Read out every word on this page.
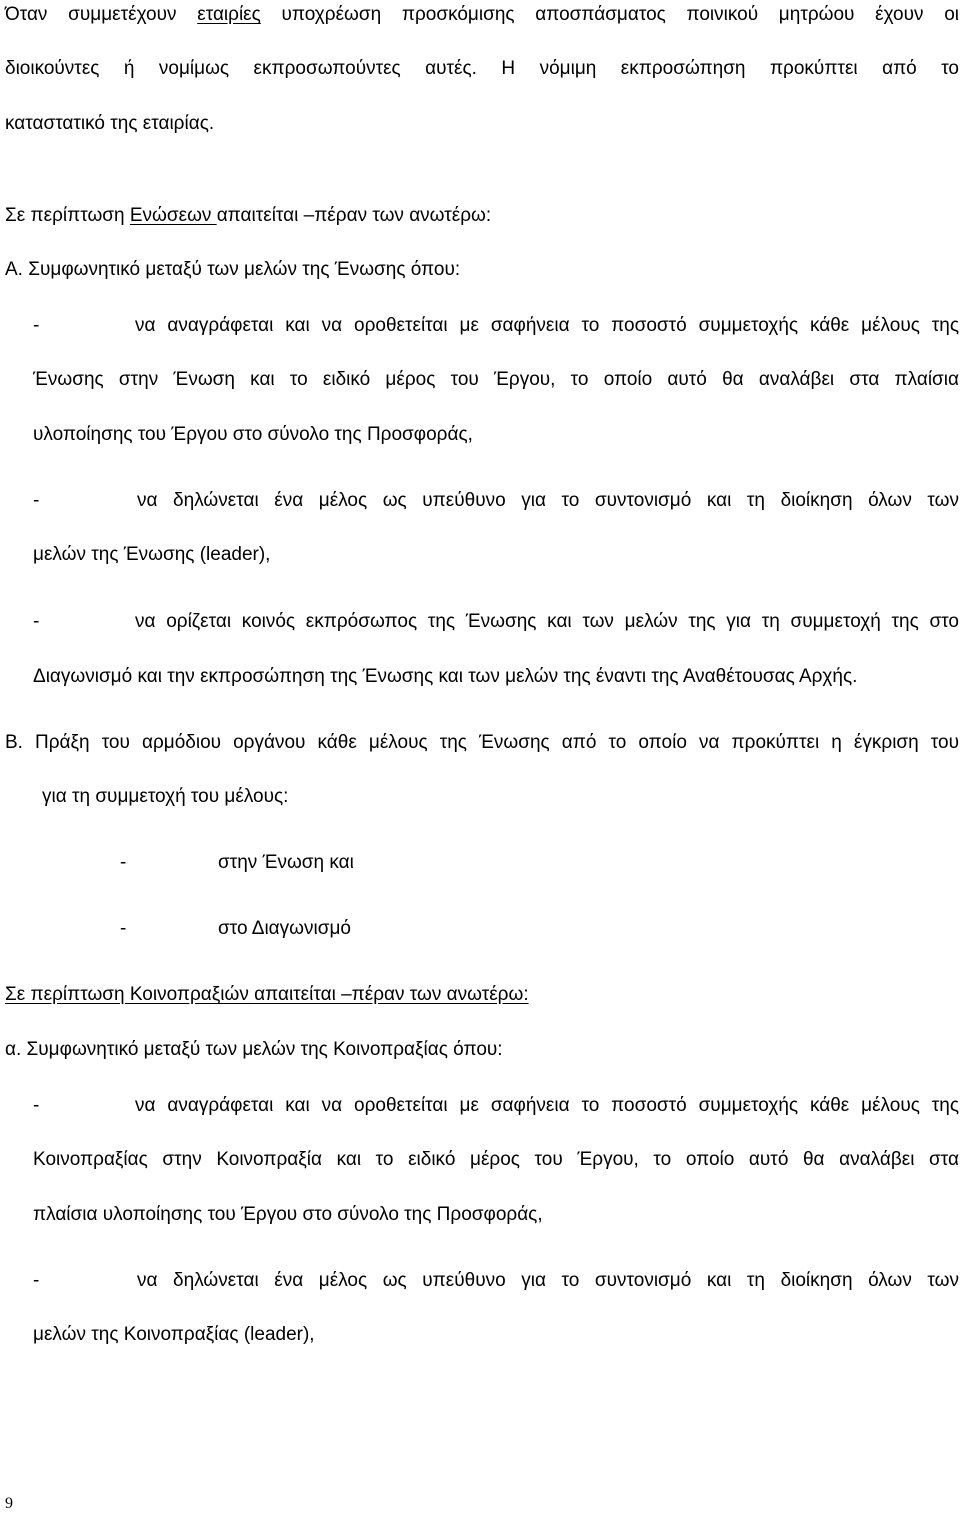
Όταν συμμετέχουν εταιρίες υποχρέωση προσκόμισης αποσπάσματος ποινικού μητρώου έχουν οι
διοικούντες ή νομίμως εκπροσωπούντες αυτές. Η νόμιμη εκπροσώπηση προκύπτει από το
καταστατικό της εταιρίας.
Σε περίπτωση Ενώσεων απαιτείται –πέραν των ανωτέρω:
Α. Συμφωνητικό μεταξύ των μελών της Ένωσης όπου:
-	να αναγράφεται και να οροθετείται με σαφήνεια το ποσοστό συμμετοχής κάθε μέλους της
Ένωσης στην Ένωση και το ειδικό μέρος του Έργου, το οποίο αυτό θα αναλάβει στα πλαίσια
υλοποίησης του Έργου στο σύνολο της Προσφοράς,
-	να δηλώνεται ένα μέλος ως υπεύθυνο για το συντονισμό και τη διοίκηση όλων των
μελών της Ένωσης (leader),
-	να ορίζεται κοινός εκπρόσωπος της Ένωσης και των μελών της για τη συμμετοχή της στο
Διαγωνισμό και την εκπροσώπηση της Ένωσης και των μελών της έναντι της Αναθέτουσας Αρχής.
Β. Πράξη του αρμόδιου οργάνου κάθε μέλους της Ένωσης από το οποίο να προκύπτει η έγκριση του
για τη συμμετοχή του μέλους:
-	στην Ένωση και
-	στο Διαγωνισμό
Σε περίπτωση Κοινοπραξιών απαιτείται –πέραν των ανωτέρω:
α. Συμφωνητικό μεταξύ των μελών της Κοινοπραξίας όπου:
-	να αναγράφεται και να οροθετείται με σαφήνεια το ποσοστό συμμετοχής κάθε μέλους της
Κοινοπραξίας στην Κοινοπραξία και το ειδικό μέρος του Έργου, το οποίο αυτό θα αναλάβει στα
πλαίσια υλοποίησης του Έργου στο σύνολο της Προσφοράς,
-	να δηλώνεται ένα μέλος ως υπεύθυνο για το συντονισμό και τη διοίκηση όλων των
μελών της Κοινοπραξίας (leader),
9
